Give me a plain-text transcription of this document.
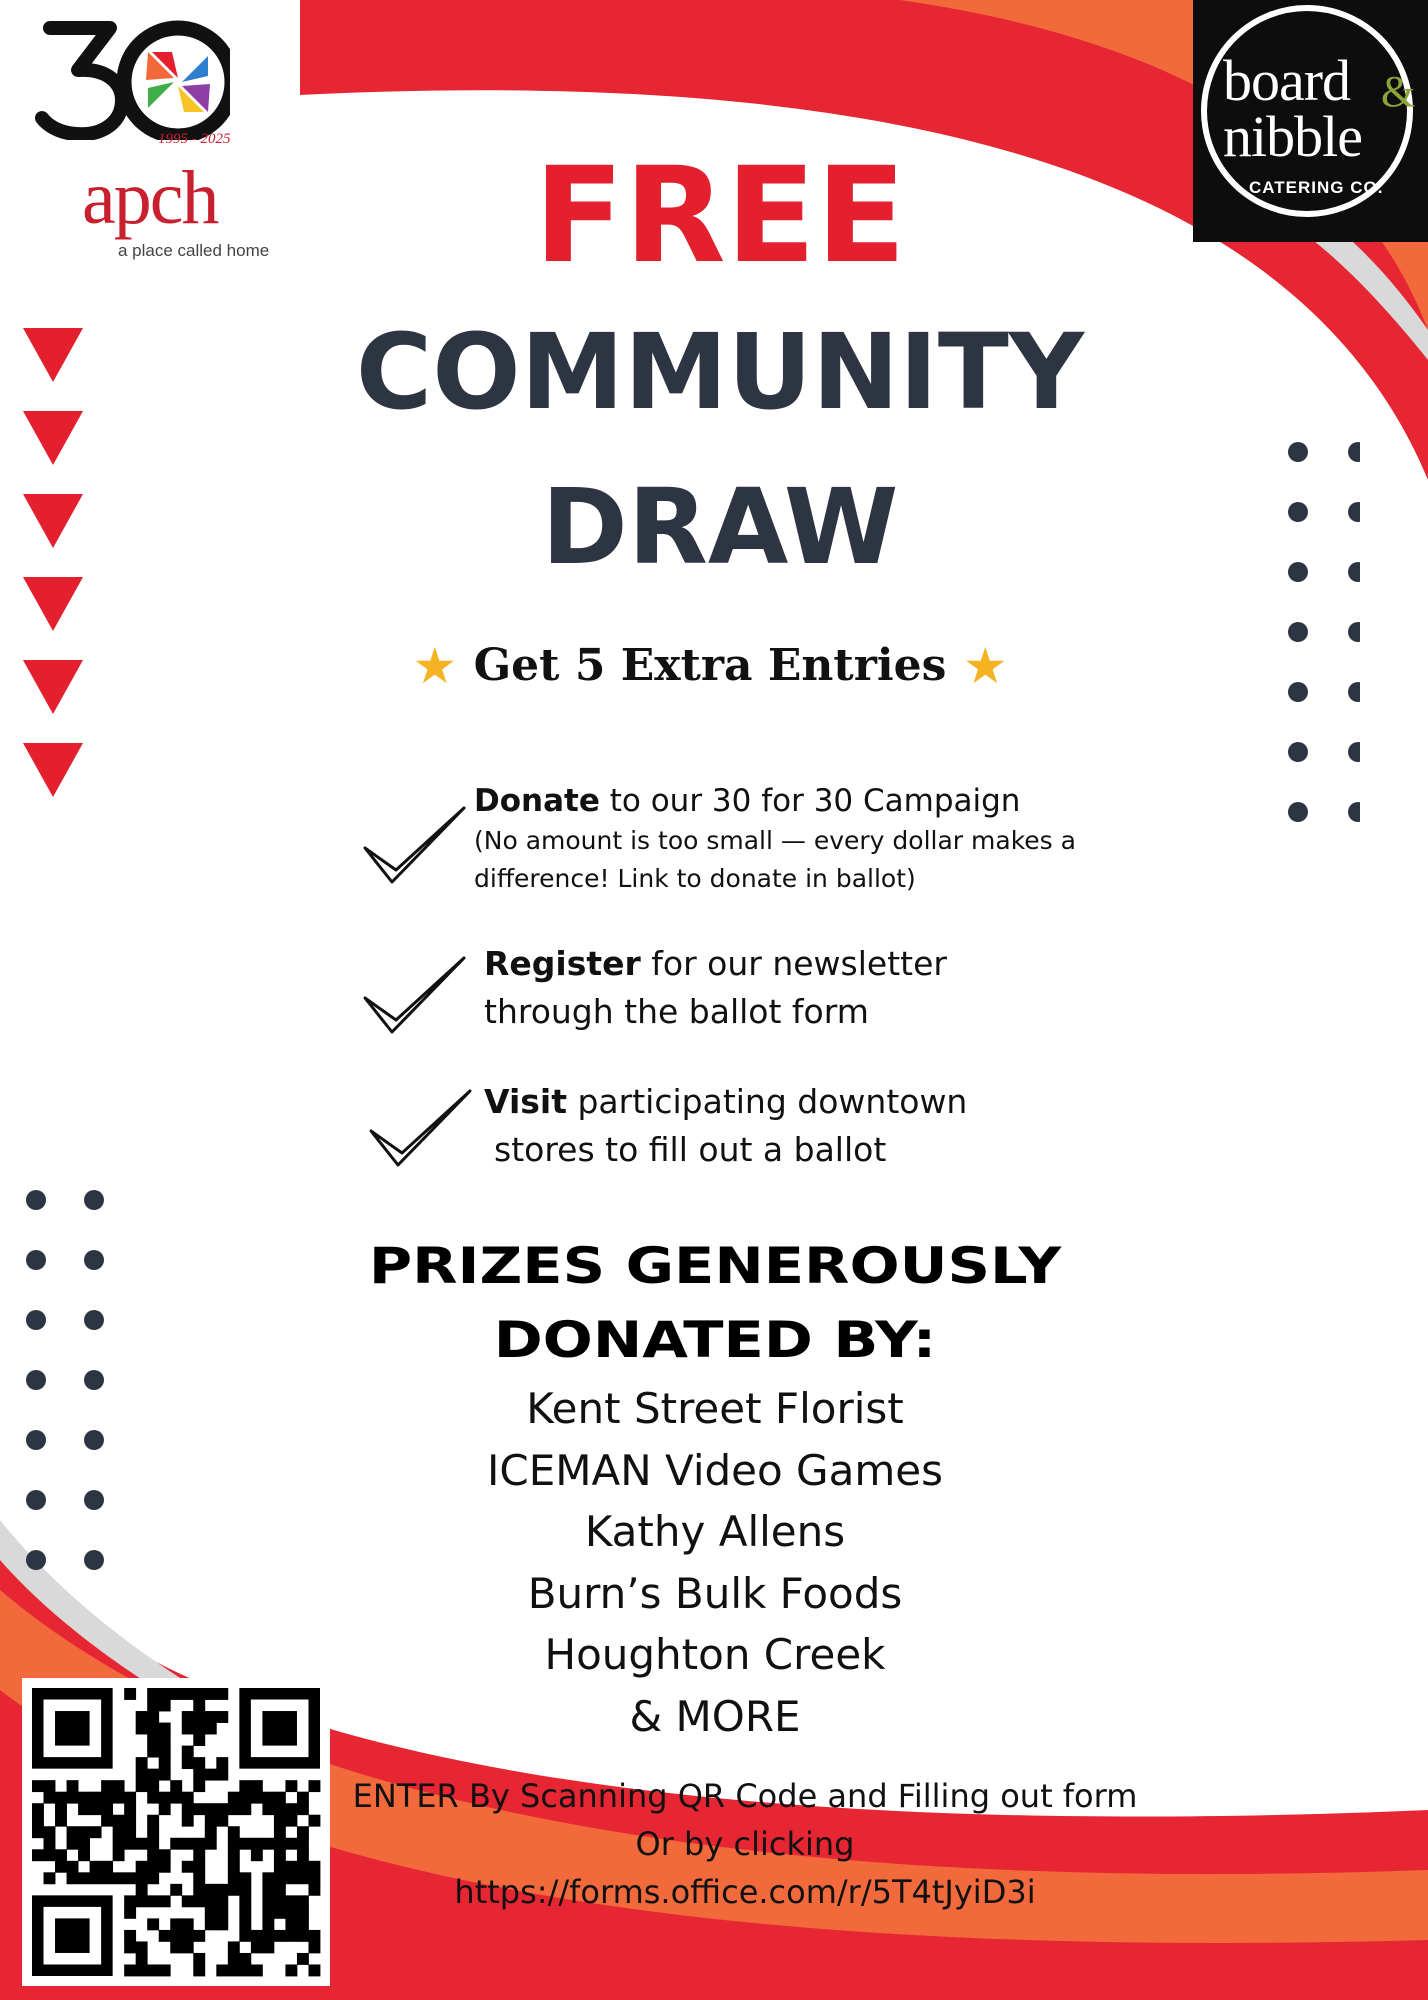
1995 - 2025
apch
a place called home
board &
nibble
CATERING CO.
FREE
COMMUNITY
DRAW
★ Get 5 Extra Entries ★
Donate to our 30 for 30 Campaign
(No amount is too small — every dollar makes a
difference! Link to donate in ballot)
Register for our newsletter
through the ballot form
Visit participating downtown
stores to fill out a ballot
PRIZES GENEROUSLY
DONATED BY:
Kent Street Florist
ICEMAN Video Games
Kathy Allens
Burn’s Bulk Foods
Houghton Creek
& MORE
ENTER By Scanning QR Code and Filling out form
Or by clicking
https://forms.office.com/r/5T4tJyiD3i
